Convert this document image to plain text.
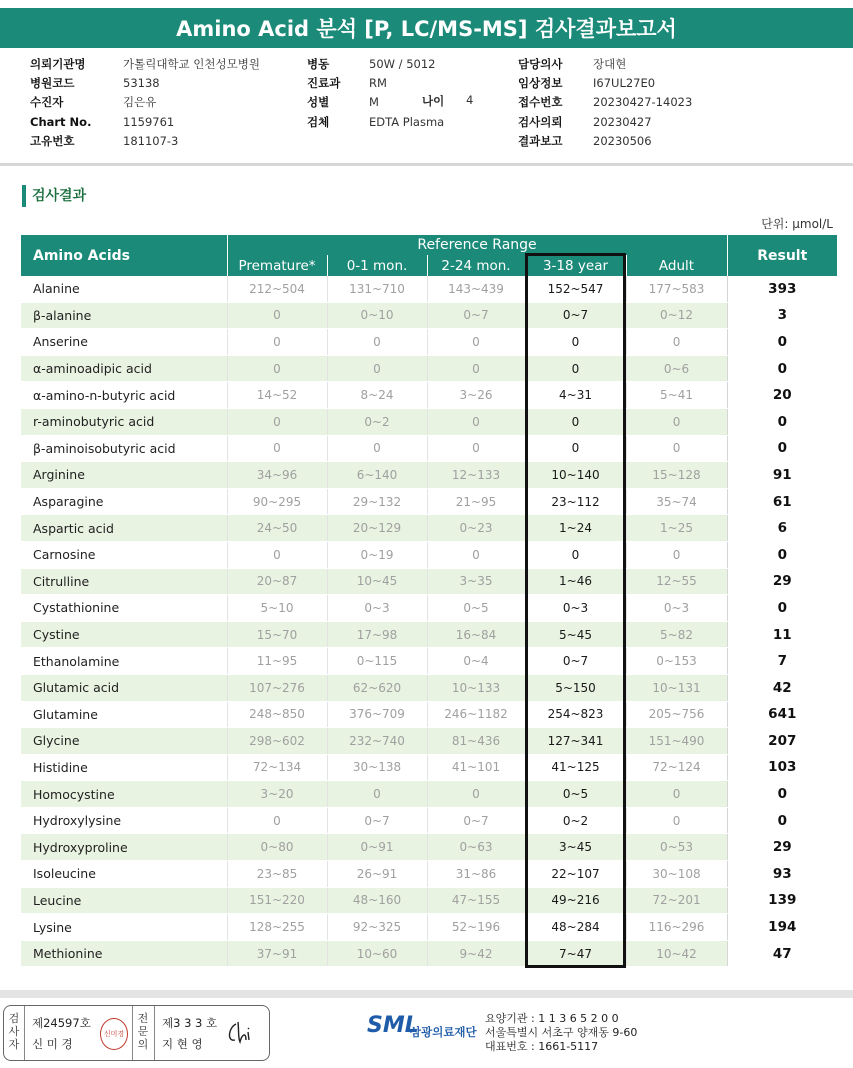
Amino Acid 분석 [P, LC/MS-MS] 검사결과보고서
의뢰기관명	가톨릭대학교 인천성모병원
병원코드	53138
수진자	김은유
Chart No.	1159761
고유번호	181107-3
병동	50W / 5012
진료과	RM
성별	M
검체	EDTA Plasma
담당의사	장대현
임상정보	I67UL27E0
접수번호	20230427-14023
검사의뢰	20230427
결과보고	20230506
나이 4
검사결과
단위: μmol/L
Amino Acids	Reference Range					Result
	Premature*	0-1 mon.	2-24 mon.	3-18 year	Adult	
Alanine	212~504	131~710	143~439	152~547	177~583	393
β-alanine	0	0~10	0~7	0~7	0~12	3
Anserine	0	0	0	0	0	0
α-aminoadipic acid	0	0	0	0	0~6	0
α-amino-n-butyric acid	14~52	8~24	3~26	4~31	5~41	20
r-aminobutyric acid	0	0~2	0	0	0	0
β-aminoisobutyric acid	0	0	0	0	0	0
Arginine	34~96	6~140	12~133	10~140	15~128	91
Asparagine	90~295	29~132	21~95	23~112	35~74	61
Aspartic acid	24~50	20~129	0~23	1~24	1~25	6
Carnosine	0	0~19	0	0	0	0
Citrulline	20~87	10~45	3~35	1~46	12~55	29
Cystathionine	5~10	0~3	0~5	0~3	0~3	0
Cystine	15~70	17~98	16~84	5~45	5~82	11
Ethanolamine	11~95	0~115	0~4	0~7	0~153	7
Glutamic acid	107~276	62~620	10~133	5~150	10~131	42
Glutamine	248~850	376~709	246~1182	254~823	205~756	641
Glycine	298~602	232~740	81~436	127~341	151~490	207
Histidine	72~134	30~138	41~101	41~125	72~124	103
Homocystine	3~20	0	0	0~5	0	0
Hydroxylysine	0	0~7	0~7	0~2	0	0
Hydroxyproline	0~80	0~91	0~63	3~45	0~53	29
Isoleucine	23~85	26~91	31~86	22~107	30~108	93
Leucine	151~220	48~160	47~155	49~216	72~201	139
Lysine	128~255	92~325	52~196	48~284	116~296	194
Methionine	37~91	10~60	9~42	7~47	10~42	47
검사자
제24597호
신 미 경
신미경
전문의
제3 3 3 호
지 현 영
SML
삼광의료재단
요양기관 : 1 1 3 6 5 2 0 0
서울특별시 서초구 양재동 9-60
대표번호 : 1661-5117
